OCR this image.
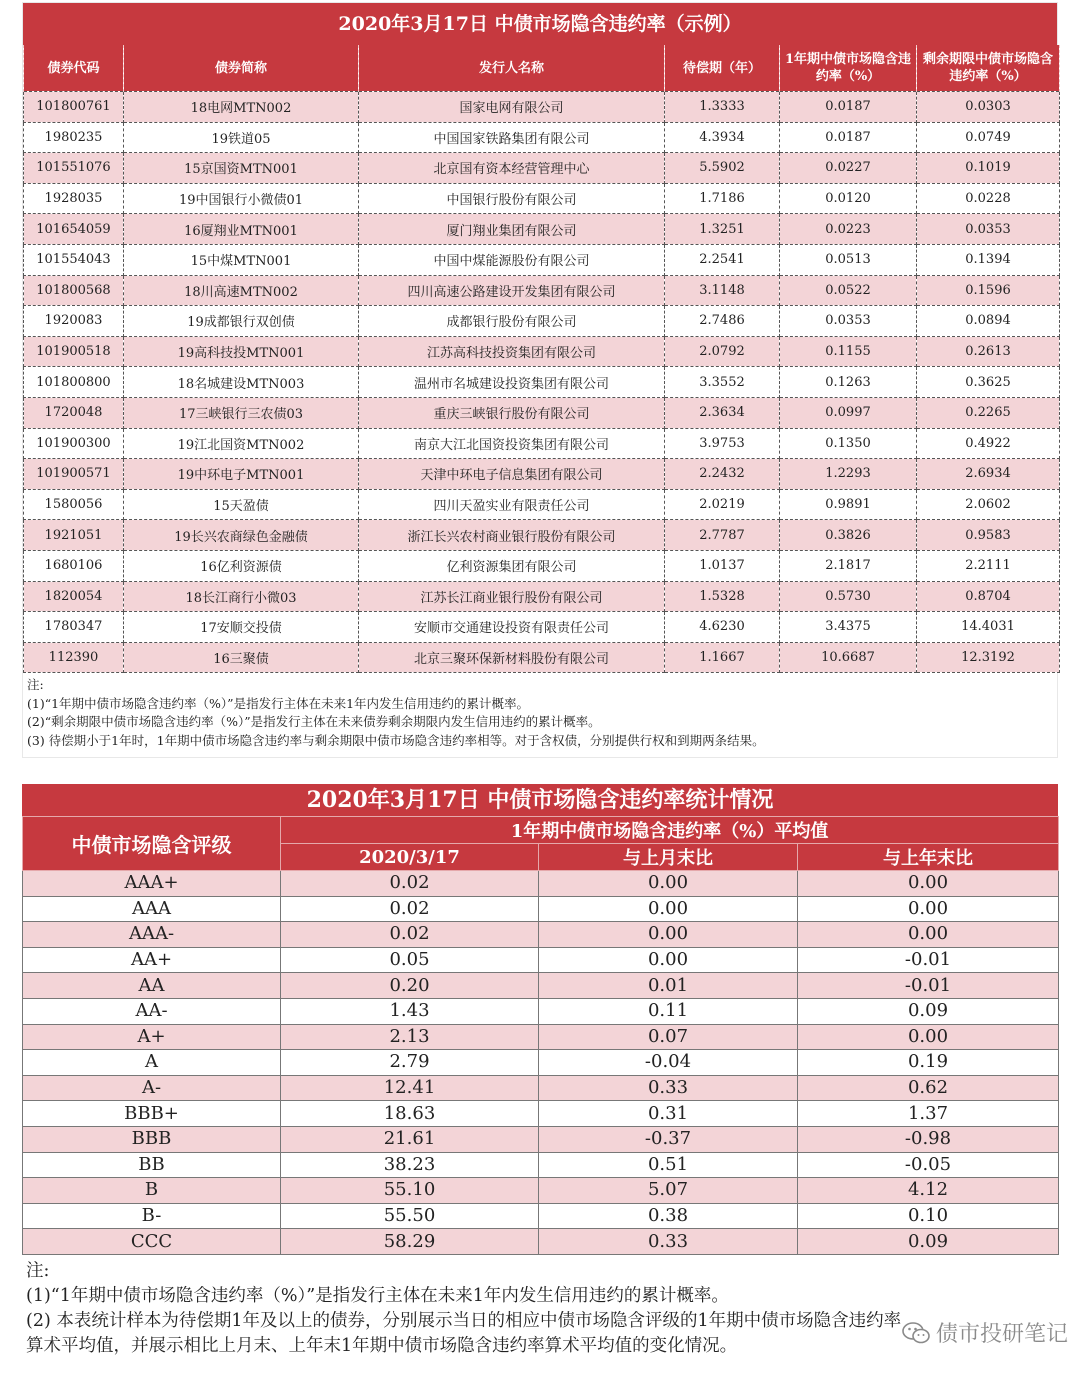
2020年3月17日 中债市场隐含违约率（示例）
债券代码	债券简称	发行人名称	待偿期（年）	1年期中债市场隐含违约率（%）	剩余期限中债市场隐含违约率（%）
101800761	18电网MTN002	国家电网有限公司	1.3333	0.0187	0.0303
1980235	19铁道05	中国国家铁路集团有限公司	4.3934	0.0187	0.0749
101551076	15京国资MTN001	北京国有资本经营管理中心	5.5902	0.0227	0.1019
1928035	19中国银行小微债01	中国银行股份有限公司	1.7186	0.0120	0.0228
101654059	16厦翔业MTN001	厦门翔业集团有限公司	1.3251	0.0223	0.0353
101554043	15中煤MTN001	中国中煤能源股份有限公司	2.2541	0.0513	0.1394
101800568	18川高速MTN002	四川高速公路建设开发集团有限公司	3.1148	0.0522	0.1596
1920083	19成都银行双创债	成都银行股份有限公司	2.7486	0.0353	0.0894
101900518	19高科技投MTN001	江苏高科技投资集团有限公司	2.0792	0.1155	0.2613
101800800	18名城建设MTN003	温州市名城建设投资集团有限公司	3.3552	0.1263	0.3625
1720048	17三峡银行三农债03	重庆三峡银行股份有限公司	2.3634	0.0997	0.2265
101900300	19江北国资MTN002	南京大江北国资投资集团有限公司	3.9753	0.1350	0.4922
101900571	19中环电子MTN001	天津中环电子信息集团有限公司	2.2432	1.2293	2.6934
1580056	15天盈债	四川天盈实业有限责任公司	2.0219	0.9891	2.0602
1921051	19长兴农商绿色金融债	浙江长兴农村商业银行股份有限公司	2.7787	0.3826	0.9583
1680106	16亿利资源债	亿利资源集团有限公司	1.0137	2.1817	2.2111
1820054	18长江商行小微03	江苏长江商业银行股份有限公司	1.5328	0.5730	0.8704
1780347	17安顺交投债	安顺市交通建设投资有限责任公司	4.6230	3.4375	14.4031
112390	16三聚债	北京三聚环保新材料股份有限公司	1.1667	10.6687	12.3192
注:
(1)“1年期中债市场隐含违约率（%）”是指发行主体在未来1年内发生信用违约的累计概率。
(2)“剩余期限中债市场隐含违约率（%）”是指发行主体在未来债券剩余期限内发生信用违约的累计概率。
(3) 待偿期小于1年时，1年期中债市场隐含违约率与剩余期限中债市场隐含违约率相等。对于含权债，分别提供行权和到期两条结果。
2020年3月17日 中债市场隐含违约率统计情况
中债市场隐含评级	1年期中债市场隐含违约率（%）平均值		
	2020/3/17	与上月末比	与上年末比
AAA+	0.02	0.00	0.00
AAA	0.02	0.00	0.00
AAA-	0.02	0.00	0.00
AA+	0.05	0.00	-0.01
AA	0.20	0.01	-0.01
AA-	1.43	0.11	0.09
A+	2.13	0.07	0.00
A	2.79	-0.04	0.19
A-	12.41	0.33	0.62
BBB+	18.63	0.31	1.37
BBB	21.61	-0.37	-0.98
BB	38.23	0.51	-0.05
B	55.10	5.07	4.12
B-	55.50	0.38	0.10
CCC	58.29	0.33	0.09
注:
(1)“1年期中债市场隐含违约率（%）”是指发行主体在未来1年内发生信用违约的累计概率。
(2) 本表统计样本为待偿期1年及以上的债券，分别展示当日的相应中债市场隐含评级的1年期中债市场隐含违约率
算术平均值，并展示相比上月末、上年末1年期中债市场隐含违约率算术平均值的变化情况。	债市投研笔记
